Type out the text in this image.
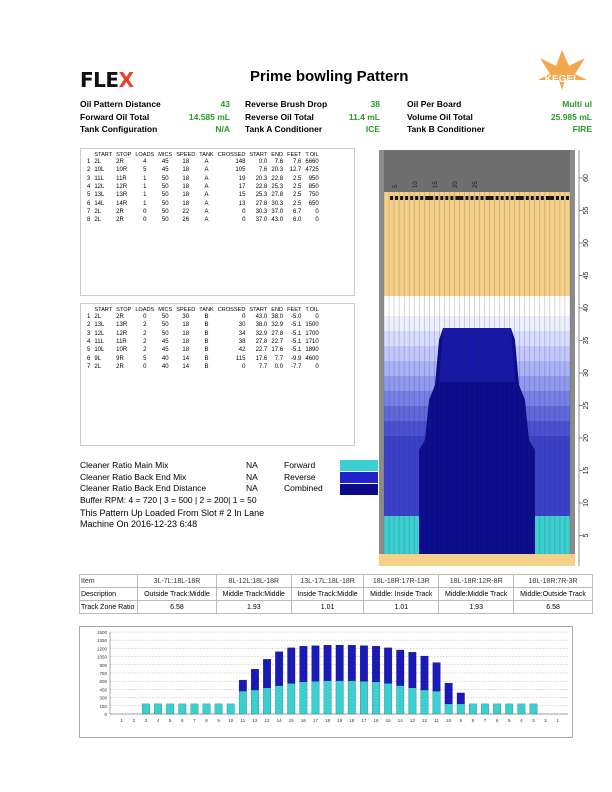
FLEX	Prime bowling Pattern	KEGEL
Oil Pattern Distance	43
Forward Oil Total	14.585 mL
Tank Configuration	N/A
Reverse Brush Drop	38
Reverse Oil Total	11.4 mL
Tank A Conditioner	ICE
Oil Per Board	Multi ul
Volume Oil Total	25.985 mL
Tank B Conditioner	FIRE
	START	STOP	LOADS	MICS	SPEED	TANK	CROSSED	START	END	FEET	T.OIL
1	2L	2R	4	45	18	A	148	0.0	7.6	7.6	6660
2	10L	10R	5	45	18	A	105	7.6	20.3	12.7	4725
3	11L	11R	1	50	18	A	19	20.3	22.8	2.5	950
4	12L	12R	1	50	18	A	17	22.8	25.3	2.5	850
5	13L	13R	1	50	18	A	15	25.3	27.8	2.5	750
6	14L	14R	1	50	18	A	13	27.8	30.3	2.5	650
7	2L	2R	0	50	22	A	0	30.3	37.0	6.7	0
8	2L	2R	0	50	26	A	0	37.0	43.0	6.0	0
	START	STOP	LOADS	MICS	SPEED	TANK	CROSSED	START	END	FEET	T.OIL
1	2L	2R	0	50	30	B	0	43.0	38.0	-5.0	0
2	13L	13R	2	50	18	B	30	38.0	32.9	-5.1	1500
3	12L	12R	2	50	18	B	34	32.9	27.8	-5.1	1700
4	11L	11R	2	45	18	B	38	27.8	22.7	-5.1	1710
5	10L	10R	2	45	18	B	42	22.7	17.6	-5.1	1890
6	9L	9R	5	40	14	B	115	17.6	7.7	-9.9	4600
7	2L	2R	0	40	14	B	0	7.7	0.0	-7.7	0
Cleaner Ratio Main Mix	NA	Forward
Cleaner Ratio Back End Mix	NA	Reverse
Cleaner Ratio Back End Distance	NA	Combined
Buffer RPM: 4 = 720 | 3 = 500 | 2 = 200| 1 = 50
This Pattern Up Loaded From Slot # 2 In Lane
Machine On 2016-12-23 6:48
5 10 15 20 25
60
55
50
45
40
35
30
25
20
15
10
5
Item	3L-7L:18L-18R	8L-12L:18L-18R	13L-17L:18L-18R	18L-18R:17R-13R	18L-18R:12R-8R	18L-18R:7R-3R
Description	Outside Track:Middle	Middle Track:Middle	Inside Track:Middle	Middle: Inside Track	Middle:Middle Track	Middle:Outside Track
Track Zone Ratio	6.58	1.93	1.01	1.01	1.93	6.58
1500
1350
1200
1050
900
750
600
450
300
150
0
1 2 3 4 5 6 7 8 9 10 11 12 13 14 15 16 17 18 19 18 17 16 15 14 13 12 11 10 9 8 7 6 5 4 3 2 1
